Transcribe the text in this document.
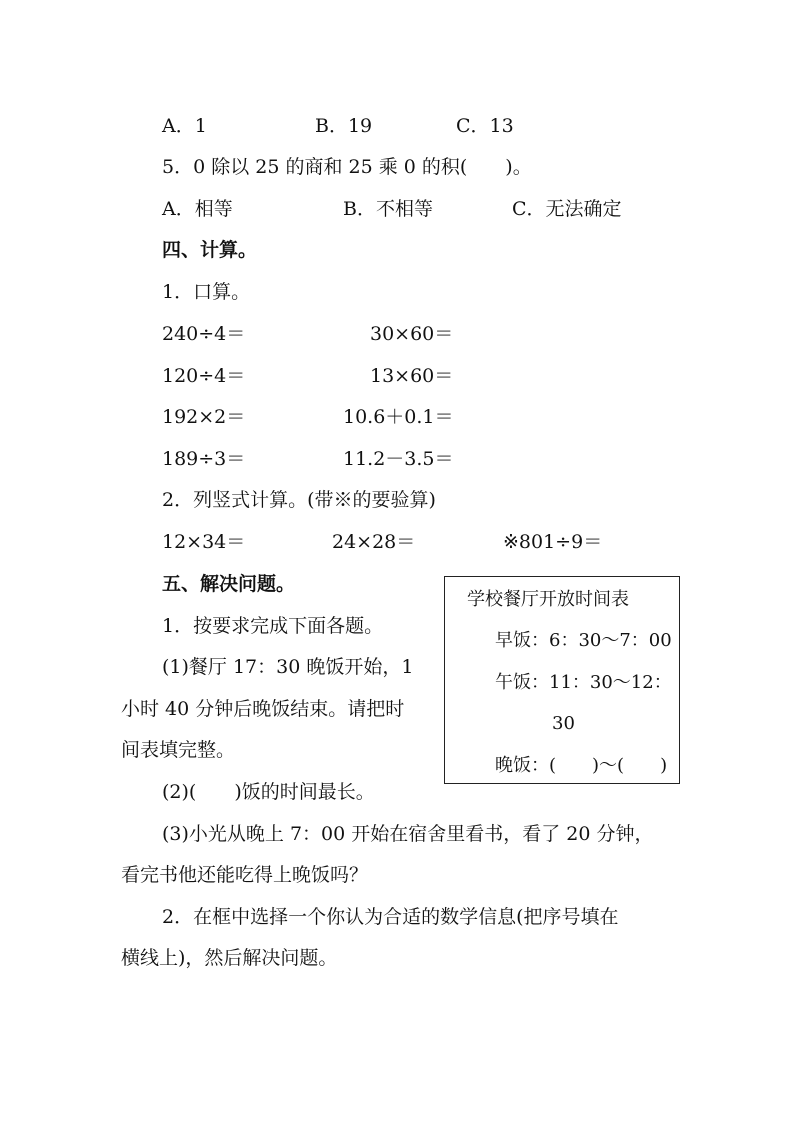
A．1	B．19	C．13
5．0 除以 25 的商和 25 乘 0 的积(　　)。
A．相等	B．不相等	C．无法确定
四、计算。
1．口算。
240÷4＝	30×60＝
120÷4＝	13×60＝
192×2＝	10.6＋0.1＝
189÷3＝	11.2－3.5＝
2．列竖式计算。(带※的要验算)
12×34＝	24×28＝	※801÷9＝
五、解决问题。
1．按要求完成下面各题。
(1)餐厅 17：30 晚饭开始，1
小时 40 分钟后晚饭结束。请把时
间表填完整。
(2)(　　)饭的时间最长。
(3)小光从晚上 7：00 开始在宿舍里看书，看了 20 分钟，
看完书他还能吃得上晚饭吗？
2．在框中选择一个你认为合适的数学信息(把序号填在
横线上)，然后解决问题。
学校餐厅开放时间表
早饭：6：30～7：00
午饭：11：30～12：
30
晚饭：(　　)～(　　)
